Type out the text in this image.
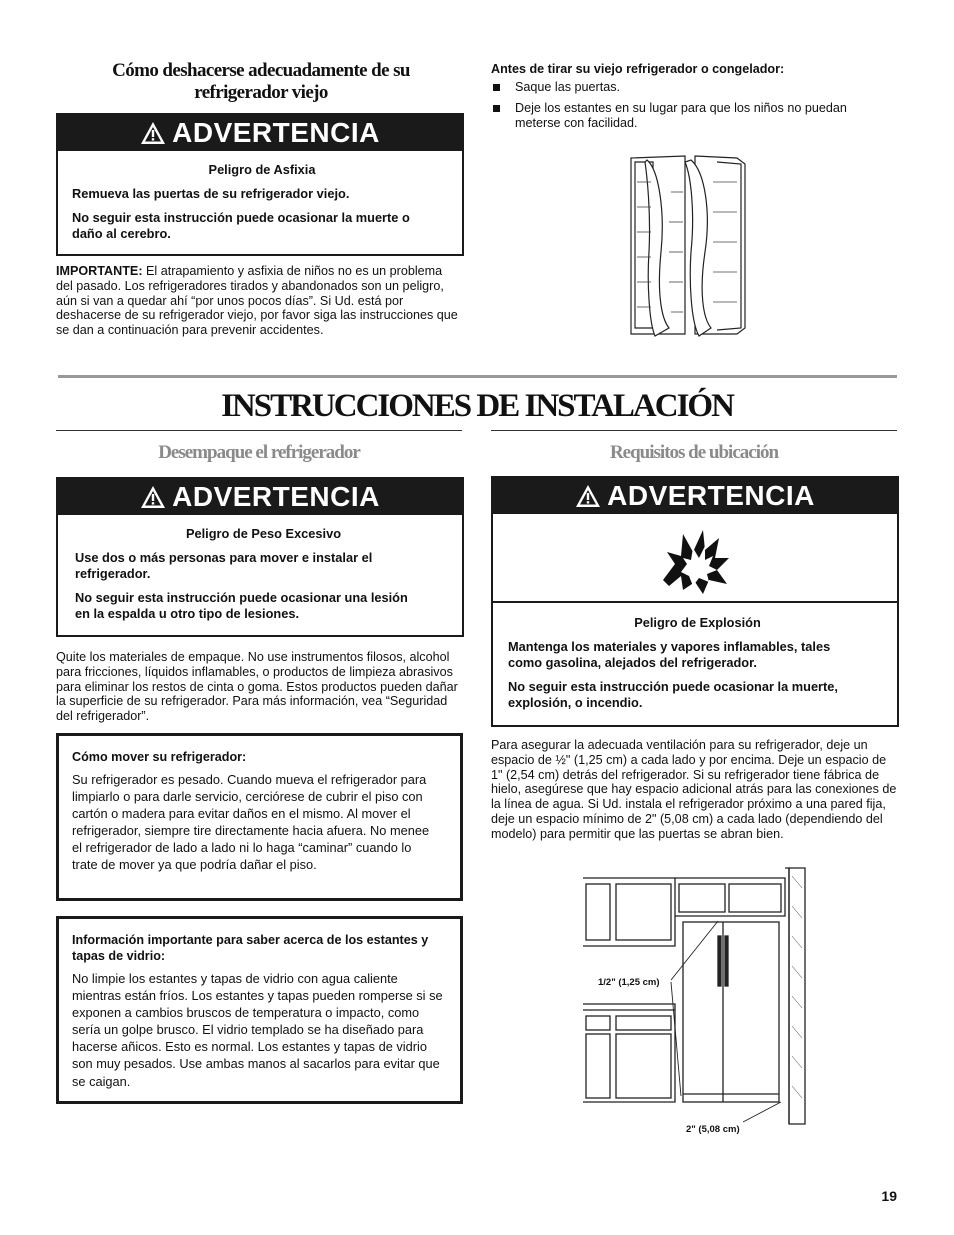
Cómo deshacerse adecuadamente de su refrigerador viejo
ADVERTENCIA
Peligro de Asfixia
Remueva las puertas de su refrigerador viejo.
No seguir esta instrucción puede ocasionar la muerte o daño al cerebro.
IMPORTANTE: El atrapamiento y asfixia de niños no es un problema del pasado. Los refrigeradores tirados y abandonados son un peligro, aún si van a quedar ahí “por unos pocos días”. Si Ud. está por deshacerse de su refrigerador viejo, por favor siga las instrucciones que se dan a continuación para prevenir accidentes.
Antes de tirar su viejo refrigerador o congelador:
Saque las puertas.
Deje los estantes en su lugar para que los niños no puedan meterse con facilidad.
INSTRUCCIONES DE INSTALACIÓN
Desempaque el refrigerador
ADVERTENCIA
Peligro de Peso Excesivo
Use dos o más personas para mover e instalar el refrigerador.
No seguir esta instrucción puede ocasionar una lesión en la espalda u otro tipo de lesiones.
Quite los materiales de empaque. No use instrumentos filosos, alcohol para fricciones, líquidos inflamables, o productos de limpieza abrasivos para eliminar los restos de cinta o goma. Estos productos pueden dañar la superficie de su refrigerador. Para más información, vea “Seguridad del refrigerador”.
Cómo mover su refrigerador:
Su refrigerador es pesado. Cuando mueva el refrigerador para limpiarlo o para darle servicio, cerciórese de cubrir el piso con cartón o madera para evitar daños en el mismo. Al mover el refrigerador, siempre tire directamente hacia afuera. No menee el refrigerador de lado a lado ni lo haga “caminar” cuando lo trate de mover ya que podría dañar el piso.
Información importante para saber acerca de los estantes y tapas de vidrio:
No limpie los estantes y tapas de vidrio con agua caliente mientras están fríos. Los estantes y tapas pueden romperse si se exponen a cambios bruscos de temperatura o impacto, como sería un golpe brusco. El vidrio templado se ha diseñado para hacerse añicos. Esto es normal. Los estantes y tapas de vidrio son muy pesados. Use ambas manos al sacarlos para evitar que se caigan.
Requisitos de ubicación
ADVERTENCIA
Peligro de Explosión
Mantenga los materiales y vapores inflamables, tales como gasolina, alejados del refrigerador.
No seguir esta instrucción puede ocasionar la muerte, explosión, o incendio.
Para asegurar la adecuada ventilación para su refrigerador, deje un espacio de ½" (1,25 cm) a cada lado y por encima. Deje un espacio de 1" (2,54 cm) detrás del refrigerador. Si su refrigerador tiene fábrica de hielo, asegúrese que hay espacio adicional atrás para las conexiones de la línea de agua. Si Ud. instala el refrigerador próximo a una pared fija, deje un espacio mínimo de 2" (5,08 cm) a cada lado (dependiendo del modelo) para permitir que las puertas se abran bien.
1/2" (1,25 cm)
2" (5,08 cm)
19
